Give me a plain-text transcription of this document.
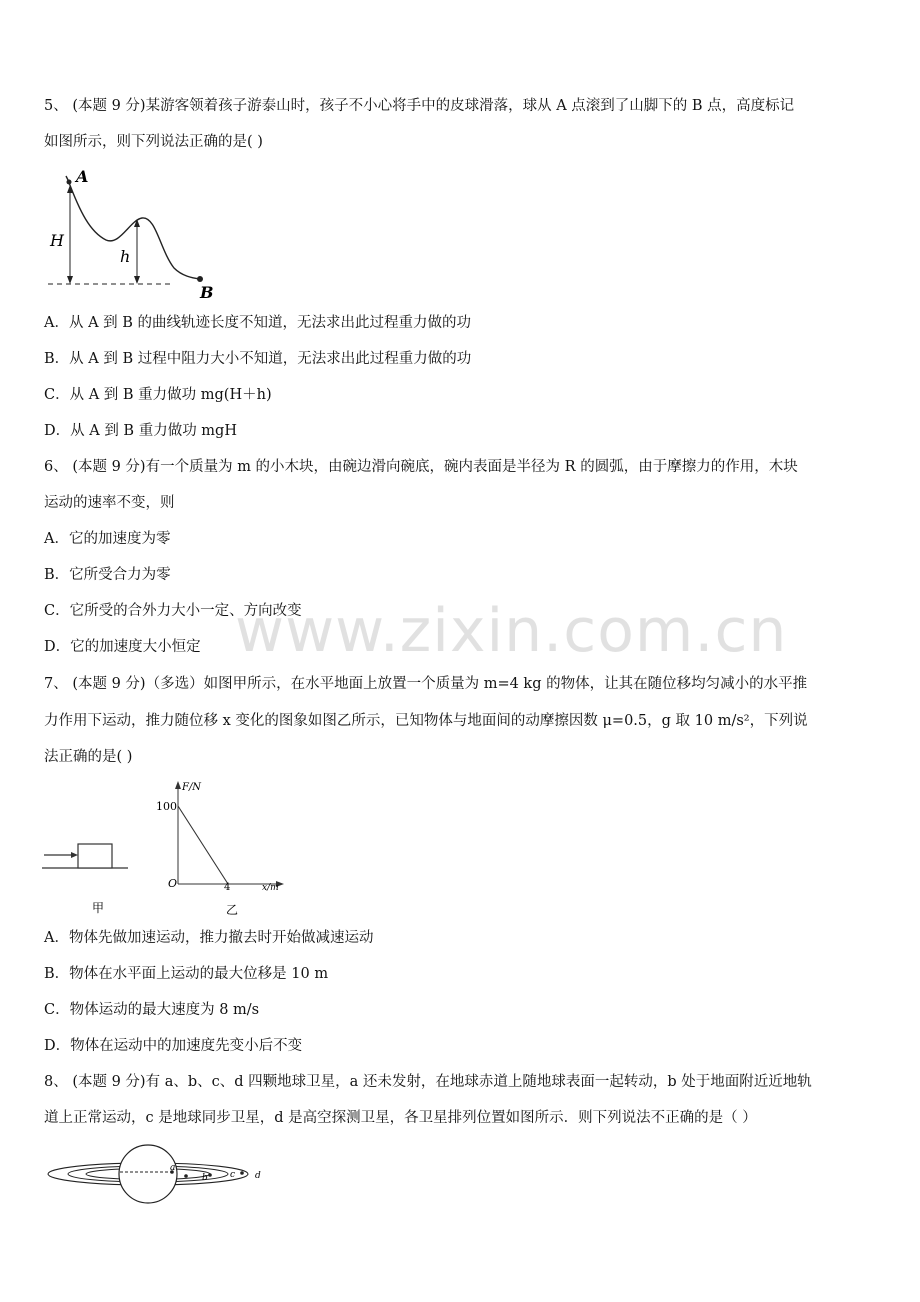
www.zixin.com.cn
5、 (本题 9 分)某游客领着孩子游泰山时，孩子不小心将手中的皮球滑落，球从 A 点滚到了山脚下的 B 点，高度标记
如图所示，则下列说法正确的是( )
A
H
h
B
A．从 A 到 B 的曲线轨迹长度不知道，无法求出此过程重力做的功
B．从 A 到 B 过程中阻力大小不知道，无法求出此过程重力做的功
C．从 A 到 B 重力做功 mg(H＋h)
D．从 A 到 B 重力做功 mgH
6、 (本题 9 分)有一个质量为 m 的小木块，由碗边滑向碗底，碗内表面是半径为 R 的圆弧，由于摩擦力的作用，木块
运动的速率不变，则
A．它的加速度为零
B．它所受合力为零
C．它所受的合外力大小一定、方向改变
D．它的加速度大小恒定
7、 (本题 9 分)（多选）如图甲所示，在水平地面上放置一个质量为 m=4 kg 的物体，让其在随位移均匀减小的水平推
力作用下运动，推力随位移 x 变化的图象如图乙所示，已知物体与地面间的动摩擦因数 μ=0.5，g 取 10 m/s²，下列说
法正确的是( )
甲
F/N
100
O	4	x/m
乙
A．物体先做加速运动，推力撤去时开始做减速运动
B．物体在水平面上运动的最大位移是 10 m
C．物体运动的最大速度为 8 m/s
D．物体在运动中的加速度先变小后不变
8、 (本题 9 分)有 a、b、c、d 四颗地球卫星，a 还未发射，在地球赤道上随地球表面一起转动，b 处于地面附近近地轨
道上正常运动，c 是地球同步卫星，d 是高空探测卫星，各卫星排列位置如图所示．则下列说法不正确的是（ ）
a
b c d
